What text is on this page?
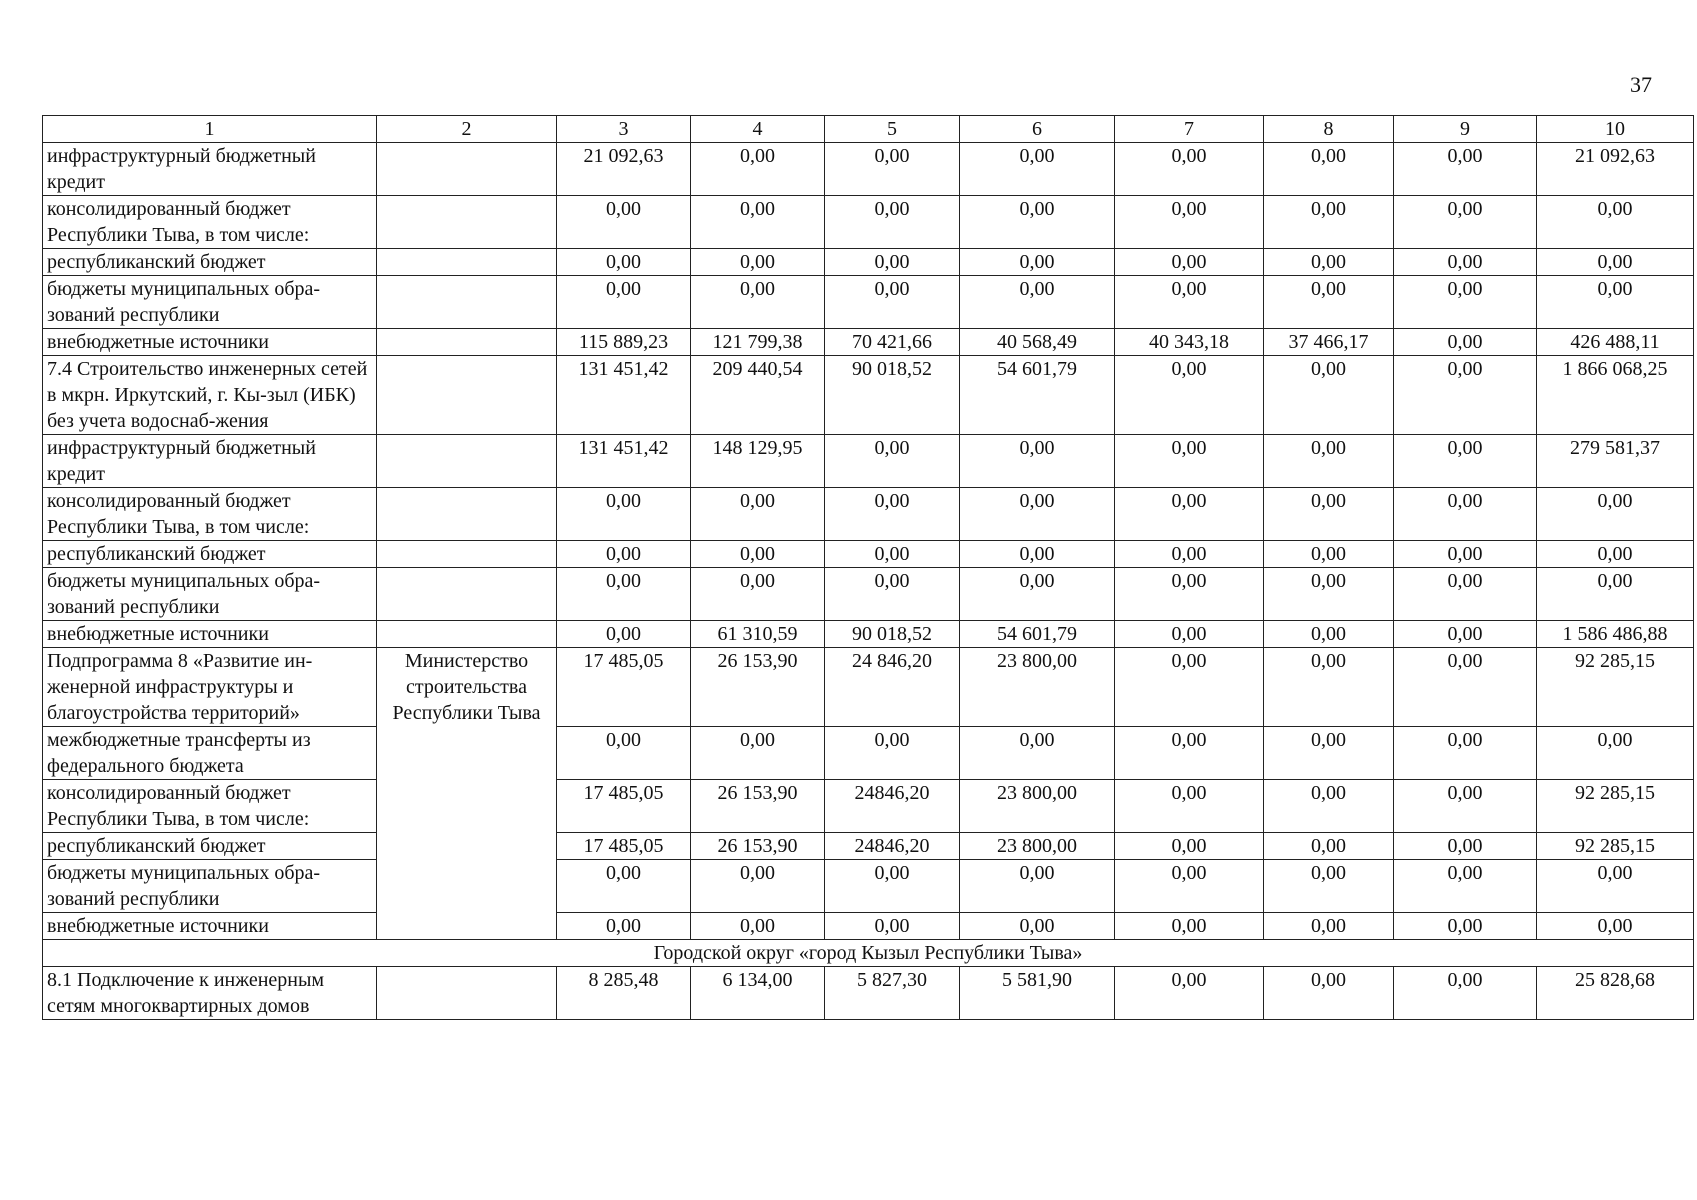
37
1	2	3	4	5	6	7	8	9	10
инфраструктурный бюджетный кредит		21 092,63	0,00	0,00	0,00	0,00	0,00	0,00	21 092,63
консолидированный бюджет Республики Тыва, в том числе:		0,00	0,00	0,00	0,00	0,00	0,00	0,00	0,00
республиканский бюджет		0,00	0,00	0,00	0,00	0,00	0,00	0,00	0,00
бюджеты муниципальных обра-зований республики		0,00	0,00	0,00	0,00	0,00	0,00	0,00	0,00
внебюджетные источники		115 889,23	121 799,38	70 421,66	40 568,49	40 343,18	37 466,17	0,00	426 488,11
7.4 Строительство инженерных сетей в мкрн. Иркутский, г. Кы-зыл (ИБК) без учета водоснаб-жения		131 451,42	209 440,54	90 018,52	54 601,79	0,00	0,00	0,00	1 866 068,25
инфраструктурный бюджетный кредит		131 451,42	148 129,95	0,00	0,00	0,00	0,00	0,00	279 581,37
консолидированный бюджет Республики Тыва, в том числе:		0,00	0,00	0,00	0,00	0,00	0,00	0,00	0,00
республиканский бюджет		0,00	0,00	0,00	0,00	0,00	0,00	0,00	0,00
бюджеты муниципальных обра-зований республики		0,00	0,00	0,00	0,00	0,00	0,00	0,00	0,00
внебюджетные источники		0,00	61 310,59	90 018,52	54 601,79	0,00	0,00	0,00	1 586 486,88
Подпрограмма 8 «Развитие ин-женерной инфраструктуры и благоустройства территорий»	Министерство строительства Республики Тыва	17 485,05	26 153,90	24 846,20	23 800,00	0,00	0,00	0,00	92 285,15
межбюджетные трансферты из федерального бюджета		0,00	0,00	0,00	0,00	0,00	0,00	0,00	0,00
консолидированный бюджет Республики Тыва, в том числе:		17 485,05	26 153,90	24846,20	23 800,00	0,00	0,00	0,00	92 285,15
республиканский бюджет		17 485,05	26 153,90	24846,20	23 800,00	0,00	0,00	0,00	92 285,15
бюджеты муниципальных обра-зований республики		0,00	0,00	0,00	0,00	0,00	0,00	0,00	0,00
внебюджетные источники		0,00	0,00	0,00	0,00	0,00	0,00	0,00	0,00
Городской округ «город Кызыл Республики Тыва»									
8.1 Подключение к инженерным сетям многоквартирных домов		8 285,48	6 134,00	5 827,30	5 581,90	0,00	0,00	0,00	25 828,68
